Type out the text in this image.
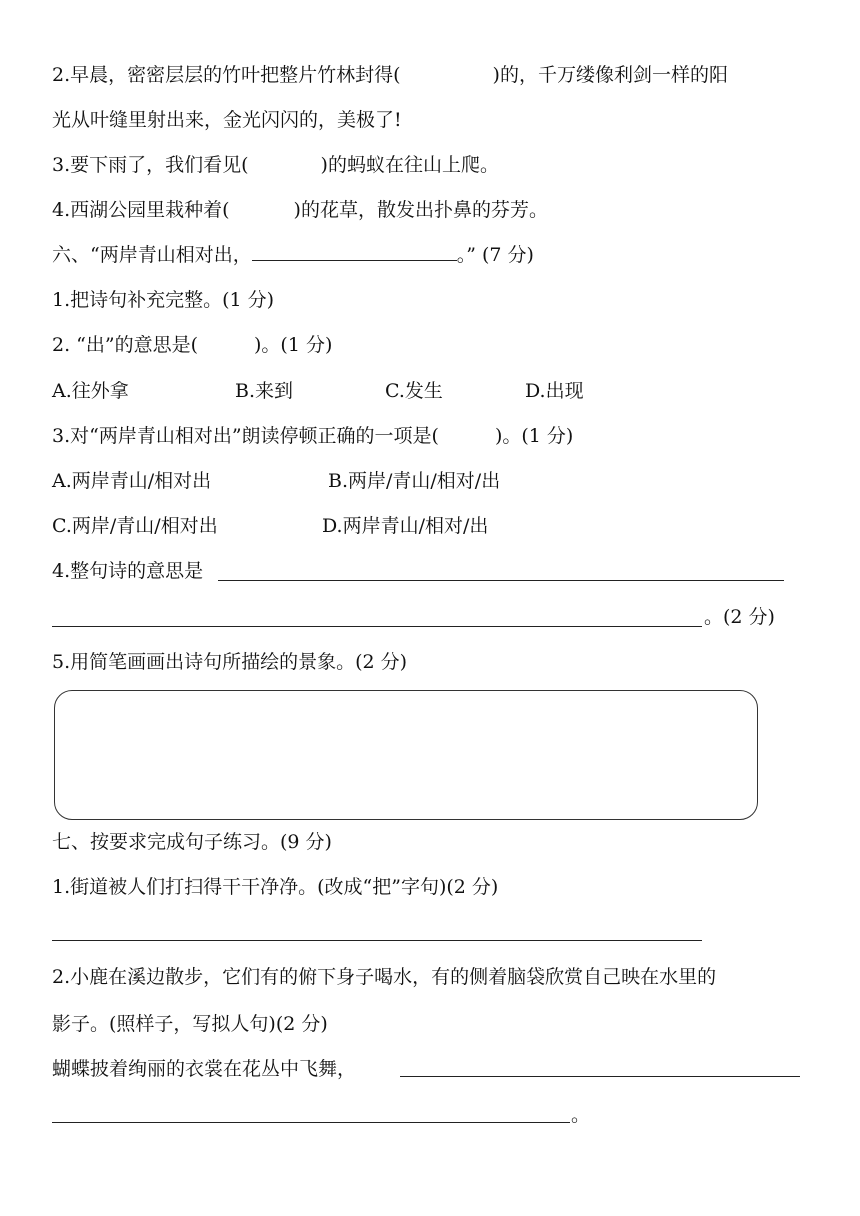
2.早晨，密密层层的竹叶把整片竹林封得(	)的，千万缕像利剑一样的阳
光从叶缝里射出来，金光闪闪的，美极了!
3.要下雨了，我们看见(	)的蚂蚁在往山上爬。
4.西湖公园里栽种着(	)的花草，散发出扑鼻的芬芳。
六、“两岸青山相对出，	。” (7 分)
1.把诗句补充完整。(1 分)
2. “出”的意思是(	)。(1 分)
A.往外拿	B.来到	C.发生	D.出现
3.对“两岸青山相对出”朗读停顿正确的一项是(	)。(1 分)
A.两岸青山/相对出	B.两岸/青山/相对/出
C.两岸/青山/相对出	D.两岸青山/相对/出
4.整句诗的意思是
。(2 分)
5.用简笔画画出诗句所描绘的景象。(2 分)
七、按要求完成句子练习。(9 分)
1.街道被人们打扫得干干净净。(改成“把”字句)(2 分)
2.小鹿在溪边散步，它们有的俯下身子喝水，有的侧着脑袋欣赏自己映在水里的
影子。(照样子，写拟人句)(2 分)
蝴蝶披着绚丽的衣裳在花丛中飞舞，
。
